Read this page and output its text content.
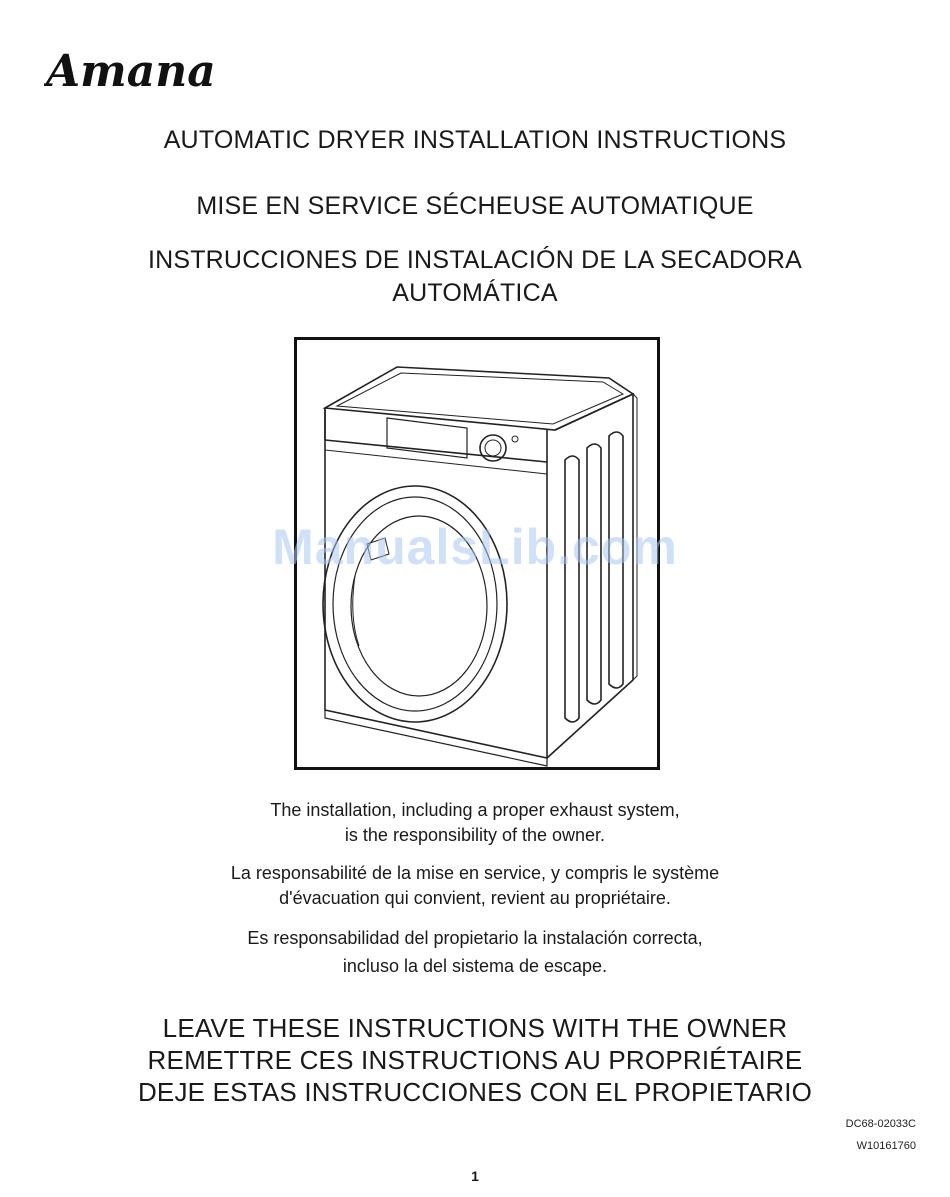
Amana
AUTOMATIC DRYER INSTALLATION INSTRUCTIONS
MISE EN SERVICE SÉCHEUSE AUTOMATIQUE
INSTRUCCIONES DE INSTALACIÓN DE LA SECADORA
AUTOMÁTICA
ManualsLib.com

The installation, including a proper exhaust system,

is the responsibility of the owner.

La responsabilité de la mise en service, y compris le système

d'évacuation qui convient, revient au propriétaire.

Es responsabilidad del propietario la instalación correcta,

incluso la del sistema de escape.

LEAVE THESE INSTRUCTIONS WITH THE OWNER
REMETTRE CES INSTRUCTIONS AU PROPRIÉTAIRE
DEJE ESTAS INSTRUCCIONES CON EL PROPIETARIO
DC68-02033C
W10161760
1
